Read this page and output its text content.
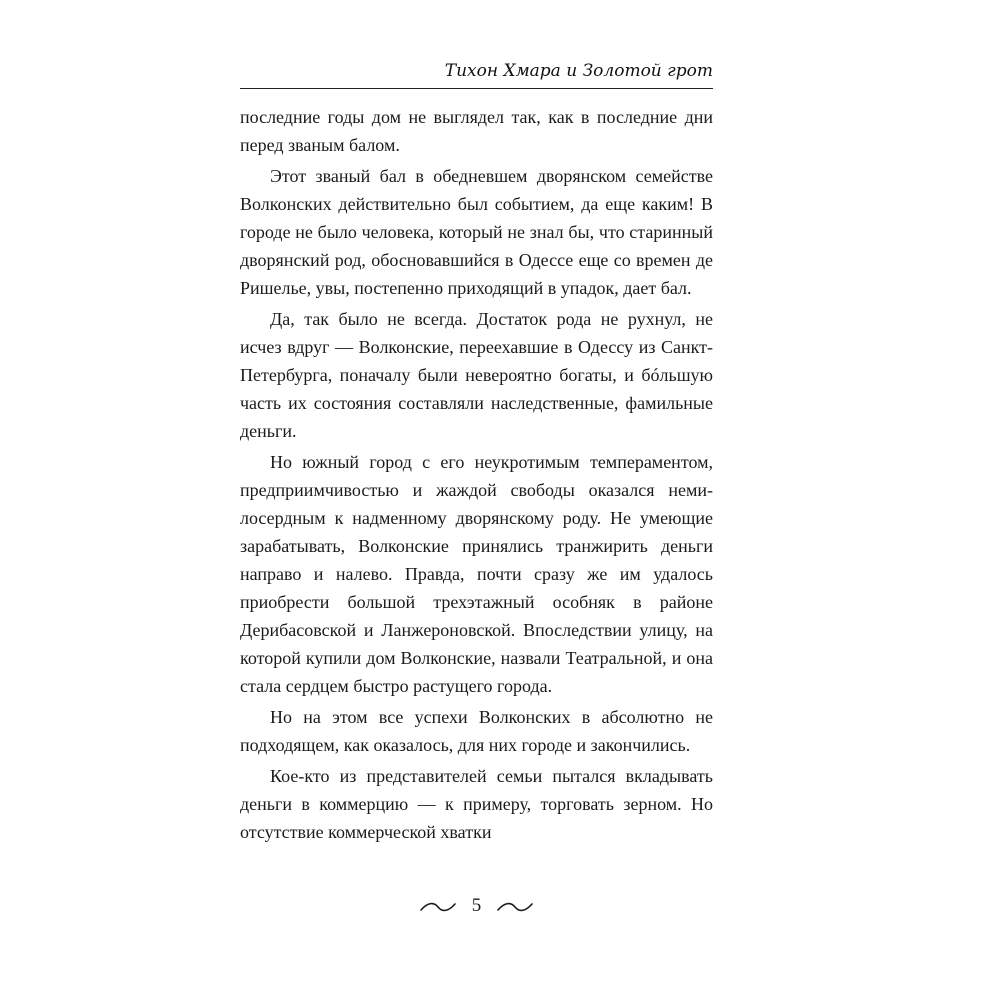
Тихон Хмара и Золотой грот

последние годы дом не выглядел так, как в последние дни перед званым балом.

Этот званый бал в обедневшем дворянском семействе Волконских действительно был событием, да еще каким! В городе не было человека, который не знал бы, что старинный дворянский род, обосновавшийся в Одессе еще со времен де Ришелье, увы, постепенно приходящий в упадок, дает бал.

Да, так было не всегда. Достаток рода не рухнул, не исчез вдруг — Волконские, переехавшие в Одессу из Санкт-Петербурга, поначалу были невероятно богаты, и бóльшую часть их состояния составляли наследственные, фамильные деньги.

Но южный город с его неукротимым темпераментом, предприимчивостью и жаждой свободы оказался немилосердным к надменному дворянскому роду. Не умеющие зарабатывать, Волконские принялись транжирить деньги направо и налево. Правда, почти сразу же им удалось приобрести большой трехэтажный особняк в районе Дерибасовской и Ланжероновской. Впоследствии улицу, на которой купили дом Волконские, назвали Театральной, и она стала сердцем быстро растущего города.

Но на этом все успехи Волконских в абсолютно не подходящем, как оказалось, для них городе и закончились.

Кое-кто из представителей семьи пытался вкладывать деньги в коммерцию — к примеру, торговать зерном. Но отсутствие коммерческой хватки

5
